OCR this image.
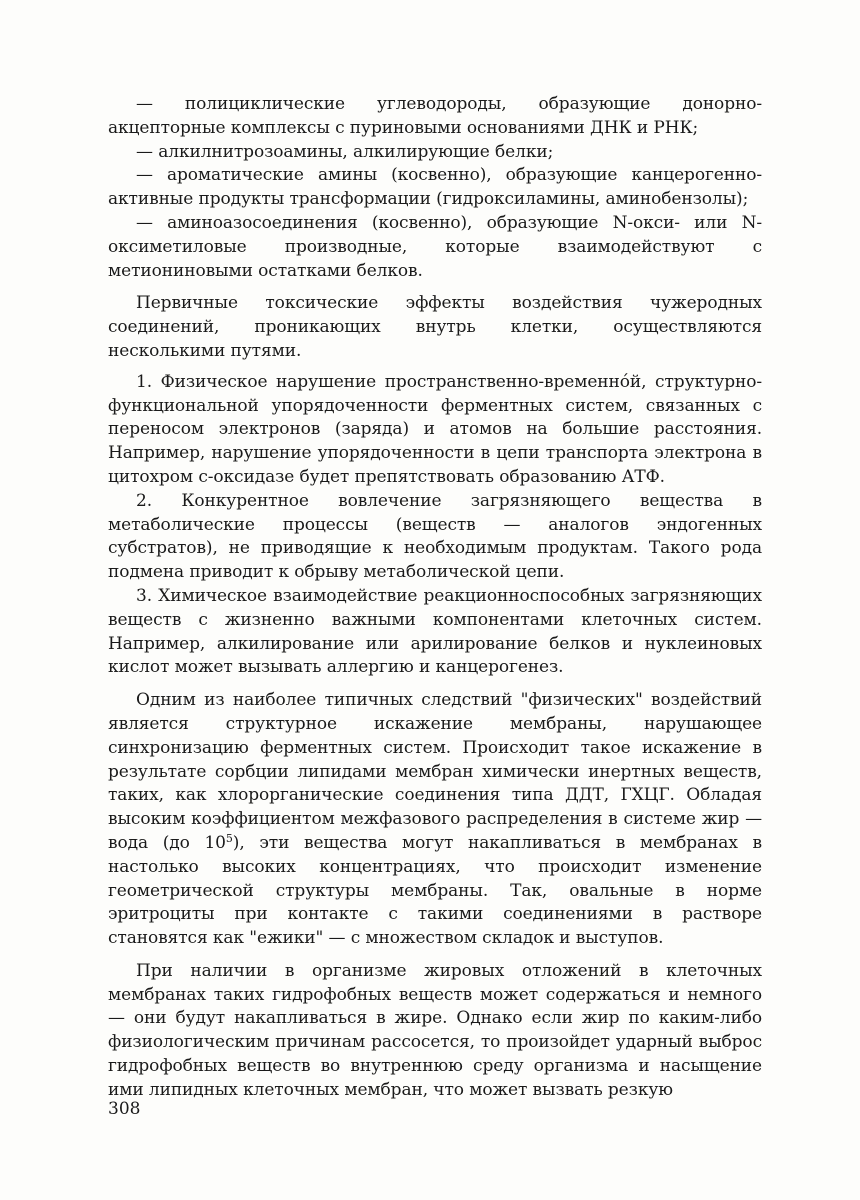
— полициклические углеводороды, образующие донорно-акцепторные комплексы с пуриновыми основаниями ДНК и РНК;

— алкилнитрозоамины, алкилирующие белки;

— ароматические амины (косвенно), образующие канцерогенно-активные продукты трансформации (гидроксиламины, аминобензолы);

— аминоазосоединения (косвенно), образующие N-окси- или N-оксиметиловые производные, которые взаимодействуют с метиониновыми остатками белков.

Первичные токсические эффекты воздействия чужеродных соединений, проникающих внутрь клетки, осуществляются несколькими путями.

1. Физическое нарушение пространственно-временнóй, структурно-функциональной упорядоченности ферментных систем, связанных с переносом электронов (заряда) и атомов на большие расстояния. Например, нарушение упорядоченности в цепи транспорта электрона в цитохром c-оксидазе будет препятствовать образованию АТФ.

2. Конкурентное вовлечение загрязняющего вещества в метаболические процессы (веществ — аналогов эндогенных субстратов), не приводящие к необходимым продуктам. Такого рода подмена приводит к обрыву метаболической цепи.

3. Химическое взаимодействие реакционноспособных загрязняющих веществ с жизненно важными компонентами клеточных систем. Например, алкилирование или арилирование белков и нуклеиновых кислот может вызывать аллергию и канцерогенез.

Одним из наиболее типичных следствий "физических" воздействий является структурное искажение мембраны, нарушающее синхронизацию ферментных систем. Происходит такое искажение в результате сорбции липидами мембран химически инертных веществ, таких, как хлорорганические соединения типа ДДТ, ГХЦГ. Обладая высоким коэффициентом межфазового распределения в системе жир — вода (до $10^5$), эти вещества могут накапливаться в мембранах в настолько высоких концентрациях, что происходит изменение геометрической структуры мембраны. Так, овальные в норме эритроциты при контакте с такими соединениями в растворе становятся как "ежики" — с множеством складок и выступов.

При наличии в организме жировых отложений в клеточных мембранах таких гидрофобных веществ может содержаться и немного — они будут накапливаться в жире. Однако если жир по каким-либо физиологическим причинам рассосется, то произойдет ударный выброс гидрофобных веществ во внутреннюю среду организма и насыщение ими липидных клеточных мембран, что может вызвать резкую

308
